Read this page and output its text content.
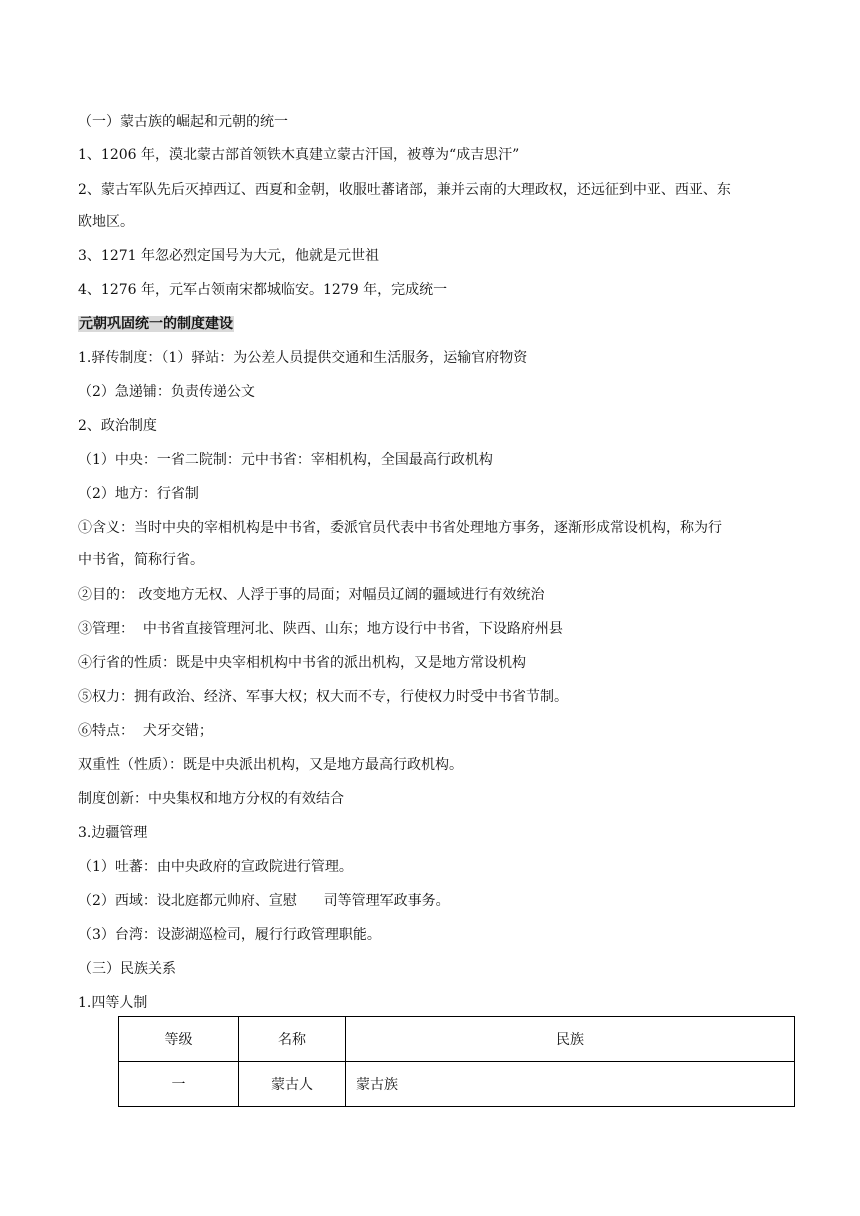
（一）蒙古族的崛起和元朝的统一
1、1206 年，漠北蒙古部首领铁木真建立蒙古汗国，被尊为“成吉思汗”
2、蒙古军队先后灭掉西辽、西夏和金朝，收服吐蕃诸部，兼并云南的大理政权，还远征到中亚、西亚、东
欧地区。
3、1271 年忽必烈定国号为大元，他就是元世祖
4、1276 年，元军占领南宋都城临安。1279 年，完成统一
元朝巩固统一的制度建设
1.驿传制度：（1）驿站：为公差人员提供交通和生活服务，运输官府物资
（2）急递铺：负责传递公文
2、政治制度
（1）中央：一省二院制：元中书省：宰相机构，全国最高行政机构
（2）地方：行省制
①含义：当时中央的宰相机构是中书省，委派官员代表中书省处理地方事务，逐渐形成常设机构，称为行
中书省，简称行省。
②目的： 改变地方无权、人浮于事的局面；对幅员辽阔的疆域进行有效统治
③管理：  中书省直接管理河北、陕西、山东；地方设行中书省，下设路府州县
④行省的性质：既是中央宰相机构中书省的派出机构，又是地方常设机构
⑤权力：拥有政治、经济、军事大权；权大而不专，行使权力时受中书省节制。
⑥特点：  犬牙交错；
双重性（性质）：既是中央派出机构，又是地方最高行政机构。
制度创新：中央集权和地方分权的有效结合
3.边疆管理
（1）吐蕃：由中央政府的宣政院进行管理。
（2）西域：设北庭都元帅府、宣慰      司等管理军政事务。
（3）台湾：设澎湖巡检司，履行行政管理职能。
（三）民族关系
1.四等人制
等级	名称	民族
一	蒙古人	蒙古族
